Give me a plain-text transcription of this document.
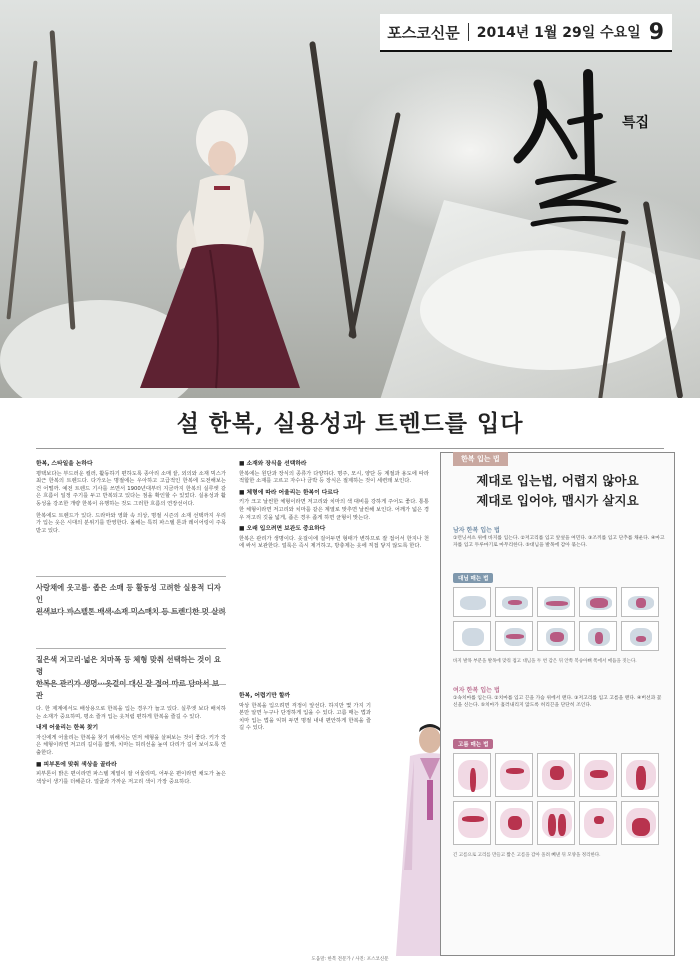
포스코신문 2014년 1월 29일 수요일 9
특집
설 한복, 실용성과 트렌드를 입다
한복, 스타일을 논하다

평택보다는 부드러운 컬러, 활동하기 편하도록 종아리 소매 끝, 외의와 소재 믹스가 최근 한복의 트렌드다. 다가오는 명절에는 우아하고 고급적인 한복에 도전해보는 건 어떨까. 예전 트렌드 기사를 쓰면서 1900년대부터 지금까지 한복의 실루엣 같은 흐름이 일정 주기를 두고 반복되고 있다는 점을 확인할 수 있었다. 실용성과 활동성을 강조한 개량 한복이 유행하는 것도 그러한 흐름의 연장선이다.

한복에도 트렌드가 있다. 드라마와 영화 속 의상, 명절 시즌의 소재 선택까지 우리가 입는 옷은 시대의 분위기를 반영한다. 올해는 특히 파스텔 톤과 레이어링이 주목받고 있다.

사랑채에 옷고름· 좁은 소매 등 활동성 고려한 실용적 디자인
짙은색 저고리·넓은 치마폭 등 체형 맞춰 선택하는 것이 요령
관

다. 한 제계에서도 배상용으로 한복을 입는 경우가 늘고 있다. 실루엣 보다 배치하는 소재가 중요하며, 평소 즐겨 입는 옷처럼 편하게 한복을 즐길 수 있다.

내게 어울리는 한복 찾기

자신에게 어울리는 한복을 찾기 위해서는 먼저 체형을 살펴보는 것이 좋다. 키가 작은 체형이라면 저고리 길이를 짧게, 치마는 허리선을 높여 다리가 길어 보이도록 연출한다.

■ 피부톤에 맞춰 색상을 골라라

피부톤이 밝은 편이라면 파스텔 계열이 잘 어울리며, 어두운 편이라면 채도가 높은 색상이 생기를 더해준다. 얼굴과 가까운 저고리 색이 가장 중요하다.

■ 소재와 장식을 선택하라

한복에는 원단과 장식의 종류가 다양하다. 명주, 모시, 양단 등 계절과 용도에 따라 적합한 소재를 고르고 자수나 금박 등 장식은 절제하는 것이 세련돼 보인다.

■ 체형에 따라 어울리는 한복이 다르다

키가 크고 날씬한 체형이라면 저고리와 치마의 색 대비를 강하게 주어도 좋다. 통통한 체형이라면 저고리와 치마를 같은 계열로 맞추면 날씬해 보인다. 어깨가 넓은 경우 저고리 깃을 넓게, 좁은 경우 좁게 하면 균형이 맞는다.

■ 오래 입으려면 보관도 중요하다

한복은 관리가 생명이다. 옷걸이에 걸어두면 형태가 변하므로 잘 접어서 한지나 천에 싸서 보관한다. 얼룩은 즉시 제거하고, 방충제는 옷에 직접 닿지 않도록 한다.

한복, 어렵기만 할까

막상 한복을 입으려면 걱정이 앞선다. 하지만 몇 가지 기본만 알면 누구나 단정하게 입을 수 있다. 고름 매는 법과 치마 입는 법을 익혀 두면 명절 내내 편안하게 한복을 즐길 수 있다.

한복 입는 법
제대로 입는법, 어렵지 않아요
제대로 입어야, 맵시가 살지요
남자 한복 입는 법
①런닝셔츠 위에 바지를 입는다. ②저고리를 입고 앞섶을 여민다. ③조끼를 입고 단추를 채운다. ④마고자를 입고 두루마기로 마무리한다. ⑤대님을 발목에 감아 묶는다.
대님 매는 법
바지 발목 부분을 발목에 맞춰 접고 대님을 두 번 감은 뒤 안쪽 복숭아뼈 쪽에서 매듭을 짓는다.
여자 한복 입는 법
①속치마를 입는다. ②치마를 입고 끈을 가슴 위에서 맨다. ③저고리를 입고 고름을 맨다. ④버선과 꽃신을 신는다. ⑤치마가 흘러내리지 않도록 허리끈을 단단히 조인다.
고름 매는 법
긴 고름으로 고리를 만들고 짧은 고름을 감아 올려 빼낸 뒤 모양을 정리한다.
도움말: 한복 전문가 / 사진: 포스코신문
